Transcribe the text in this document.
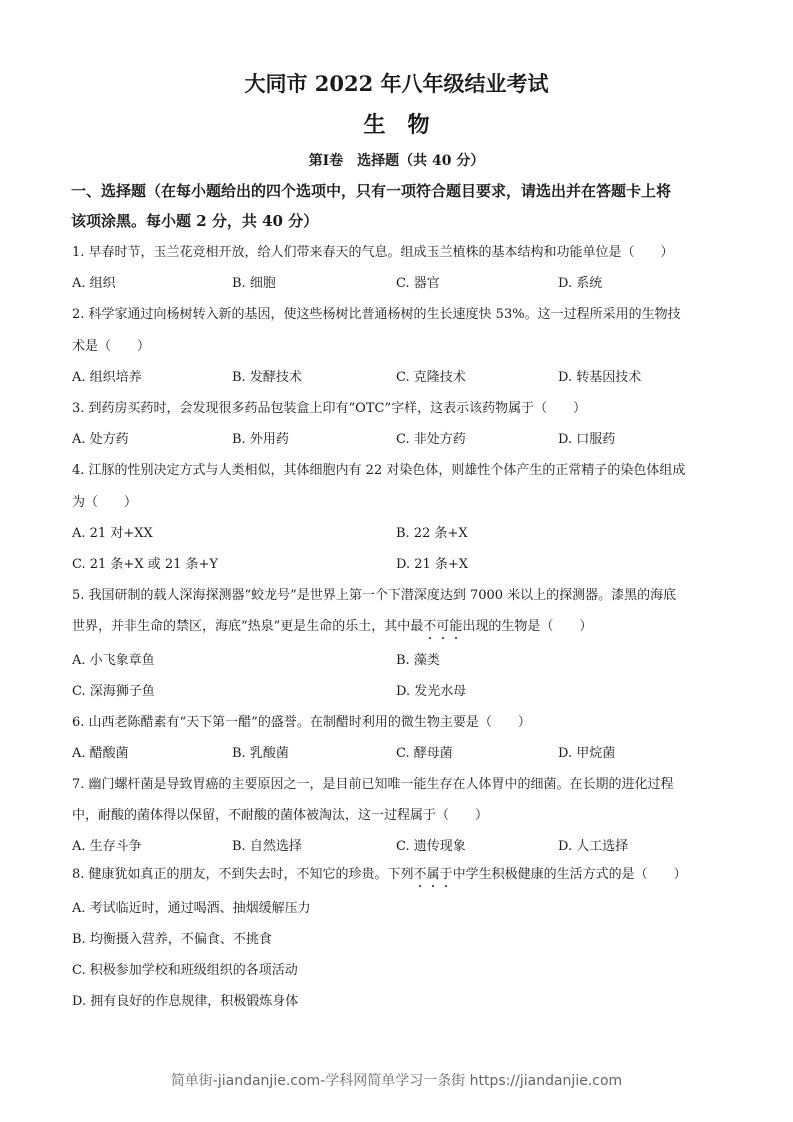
大同市 2022 年八年级结业考试
生物
第Ⅰ卷　选择题（共 40 分）
一、选择题（在每小题给出的四个选项中，只有一项符合题目要求，请选出并在答题卡上将
该项涂黑。每小题 2 分，共 40 分）
1. 早春时节，玉兰花竞相开放，给人们带来春天的气息。组成玉兰植株的基本结构和功能单位是（　　）
A. 组织	B. 细胞	C. 器官	D. 系统
2. 科学家通过向杨树转入新的基因，使这些杨树比普通杨树的生长速度快 53%。这一过程所采用的生物技
术是（　　）
A. 组织培养	B. 发酵技术	C. 克隆技术	D. 转基因技术
3. 到药房买药时，会发现很多药品包装盒上印有“OTC”字样，这表示该药物属于（　　）
A. 处方药	B. 外用药	C. 非处方药	D. 口服药
4. 江豚的性别决定方式与人类相似，其体细胞内有 22 对染色体，则雄性个体产生的正常精子的染色体组成
为（　　）
A. 21 对+XX	B. 22 条+X
C. 21 条+X 或 21 条+Y	D. 21 条+X
5. 我国研制的载人深海探测器“蛟龙号”是世界上第一个下潜深度达到 7000 米以上的探测器。漆黑的海底
世界，并非生命的禁区，海底“热泉”更是生命的乐土，其中最不可能出现的生物是（　　）
A. 小飞象章鱼	B. 藻类
C. 深海狮子鱼	D. 发光水母
6. 山西老陈醋素有“天下第一醋”的盛誉。在制醋时利用的微生物主要是（　　）
A. 醋酸菌	B. 乳酸菌	C. 酵母菌	D. 甲烷菌
7. 幽门螺杆菌是导致胃癌的主要原因之一，是目前已知唯一能生存在人体胃中的细菌。在长期的进化过程
中，耐酸的菌体得以保留，不耐酸的菌体被淘汰，这一过程属于（　　）
A. 生存斗争	B. 自然选择	C. 遗传现象	D. 人工选择
8. 健康犹如真正的朋友，不到失去时，不知它的珍贵。下列不属于中学生积极健康的生活方式的是（　　）
A. 考试临近时，通过喝酒、抽烟缓解压力
B. 均衡摄入营养，不偏食、不挑食
C. 积极参加学校和班级组织的各项活动
D. 拥有良好的作息规律，积极锻炼身体
简单街-jiandanjie.com-学科网简单学习一条街 https://jiandanjie.com
